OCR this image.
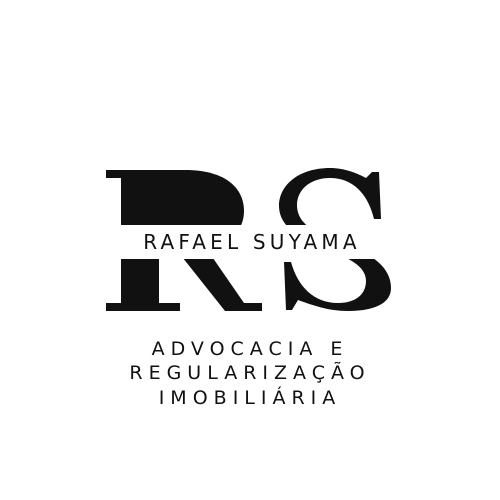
RAFAEL SUYAMA
ADVOCACIA E
REGULARIZAÇÃO
IMOBILIÁRIA
